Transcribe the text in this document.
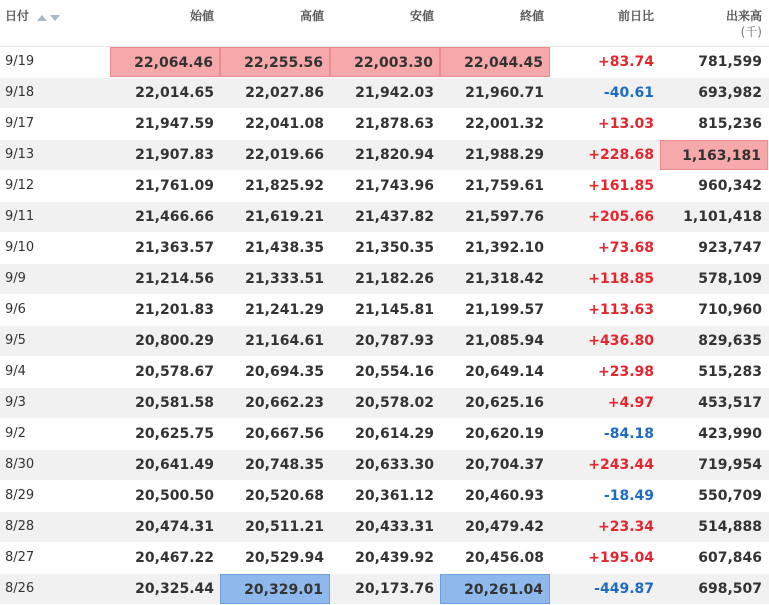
日付	始値	高値	安値	終値	前日比	出来高
(千)
9/19	22,064.46	22,255.56	22,003.30	22,044.45	+83.74	781,599
9/18	22,014.65	22,027.86	21,942.03	21,960.71	-40.61	693,982
9/17	21,947.59	22,041.08	21,878.63	22,001.32	+13.03	815,236
9/13	21,907.83	22,019.66	21,820.94	21,988.29	+228.68	1,163,181
9/12	21,761.09	21,825.92	21,743.96	21,759.61	+161.85	960,342
9/11	21,466.66	21,619.21	21,437.82	21,597.76	+205.66	1,101,418
9/10	21,363.57	21,438.35	21,350.35	21,392.10	+73.68	923,747
9/9	21,214.56	21,333.51	21,182.26	21,318.42	+118.85	578,109
9/6	21,201.83	21,241.29	21,145.81	21,199.57	+113.63	710,960
9/5	20,800.29	21,164.61	20,787.93	21,085.94	+436.80	829,635
9/4	20,578.67	20,694.35	20,554.16	20,649.14	+23.98	515,283
9/3	20,581.58	20,662.23	20,578.02	20,625.16	+4.97	453,517
9/2	20,625.75	20,667.56	20,614.29	20,620.19	-84.18	423,990
8/30	20,641.49	20,748.35	20,633.30	20,704.37	+243.44	719,954
8/29	20,500.50	20,520.68	20,361.12	20,460.93	-18.49	550,709
8/28	20,474.31	20,511.21	20,433.31	20,479.42	+23.34	514,888
8/27	20,467.22	20,529.94	20,439.92	20,456.08	+195.04	607,846
8/26	20,325.44	20,329.01	20,173.76	20,261.04	-449.87	698,507
